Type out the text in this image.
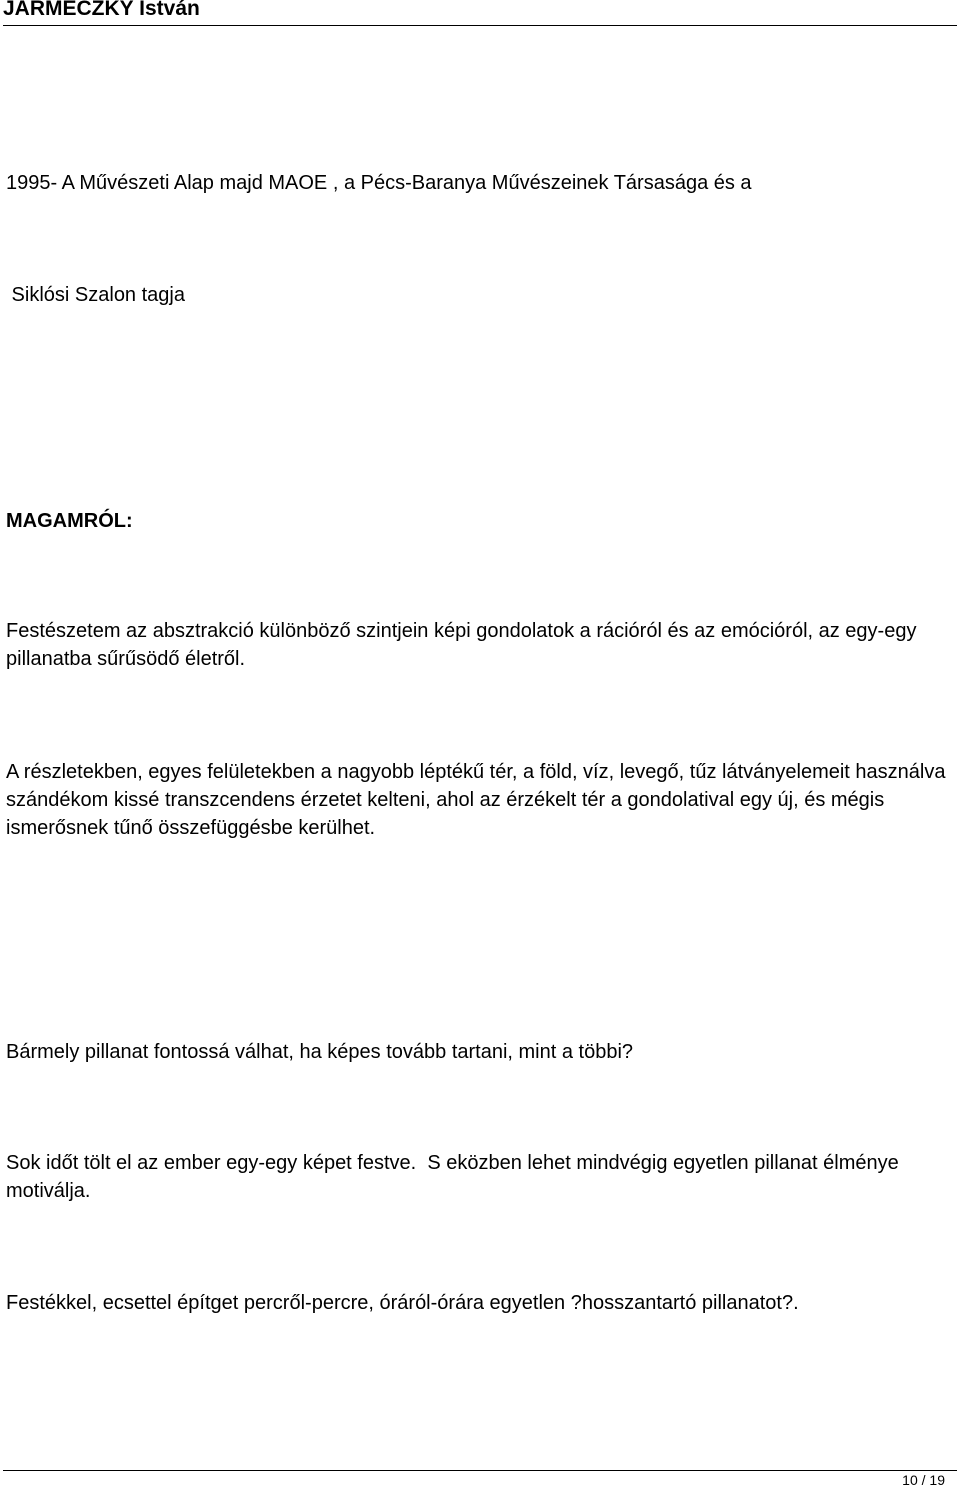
JARMECZKY István

1995- A Művészeti Alap majd MAOE , a Pécs-Baranya Művészeinek Társasága és a

Siklósi Szalon tagja

MAGAMRÓL:

Festészetem az absztrakció különböző szintjein képi gondolatok a rációról és az emócióról, az egy-egy pillanatba sűrűsödő életről.

A részletekben, egyes felületekben a nagyobb léptékű tér, a föld, víz, levegő, tűz látványelemeit használva szándékom kissé transzcendens érzetet kelteni, ahol az érzékelt tér a gondolatival egy új, és mégis ismerősnek tűnő összefüggésbe kerülhet.

Bármely pillanat fontossá válhat, ha képes tovább tartani, mint a többi?

Sok időt tölt el az ember egy-egy képet festve.  S eközben lehet mindvégig egyetlen pillanat élménye motiválja.

Festékkel, ecsettel építget percről-percre, óráról-órára egyetlen ?hosszantartó pillanatot?.

10 / 19
